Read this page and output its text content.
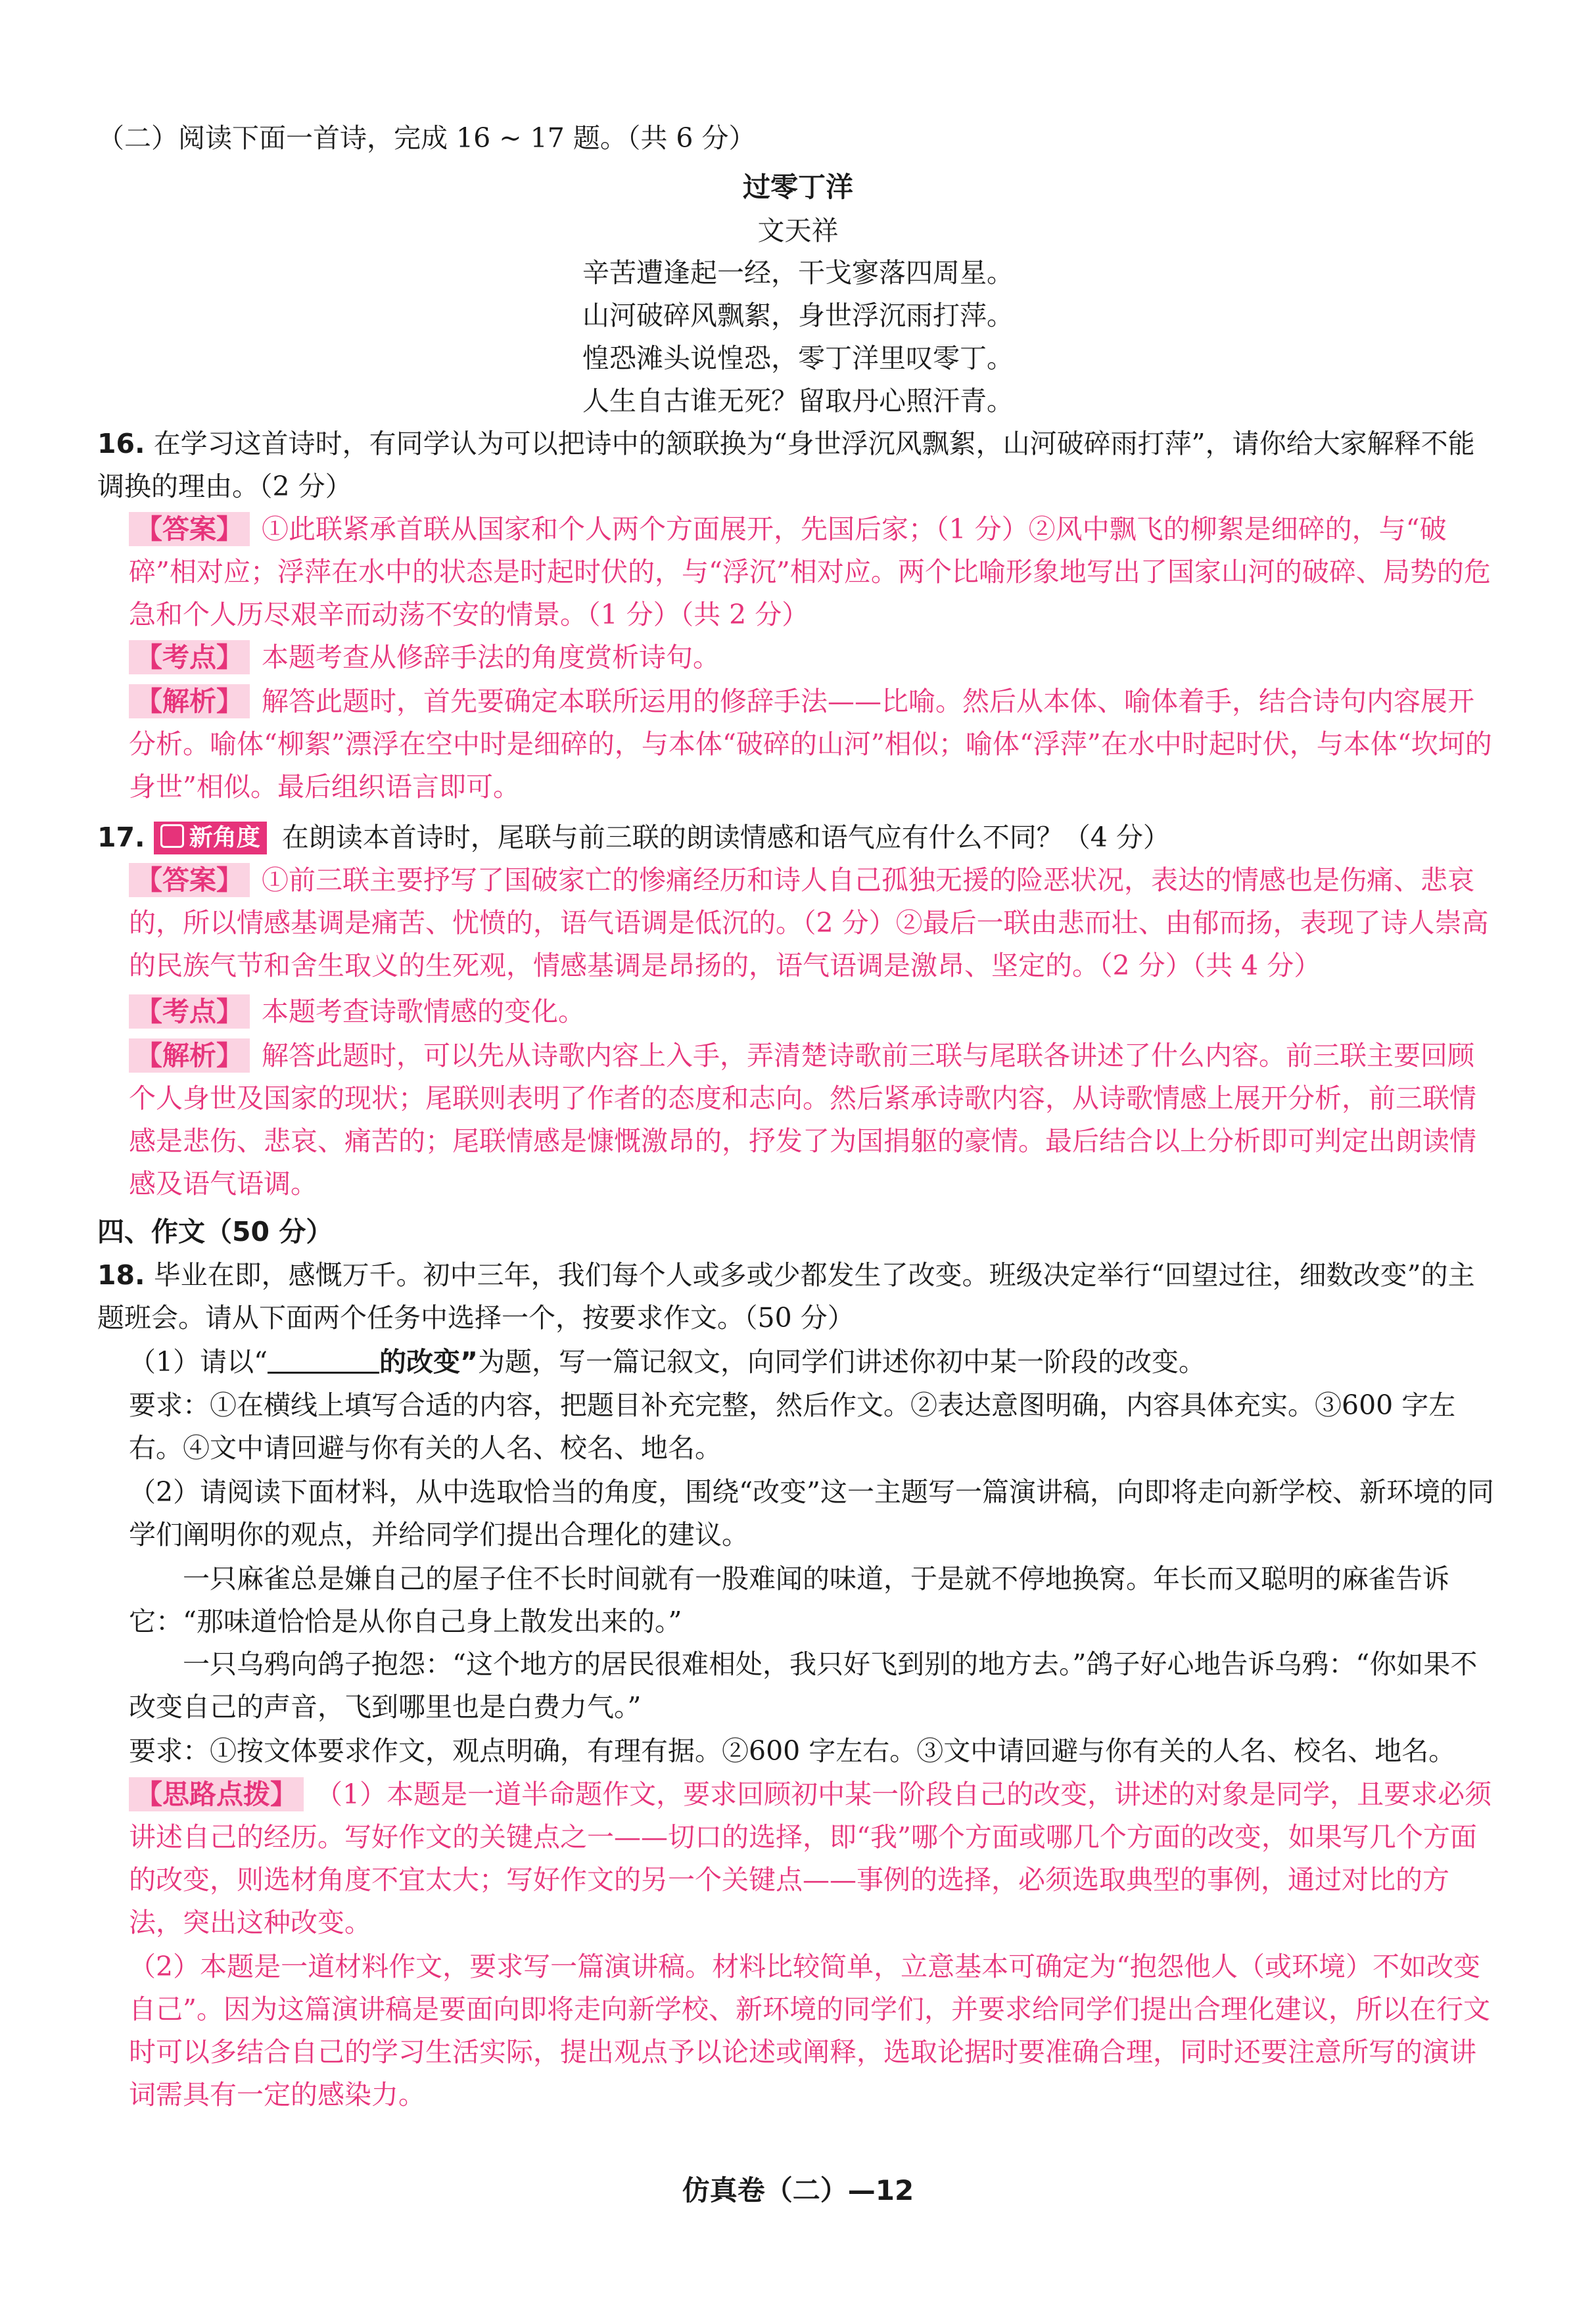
（二）阅读下面一首诗，完成 16 ~ 17 题。（共 6 分）
过零丁洋
文天祥
辛苦遭逢起一经，干戈寥落四周星。
山河破碎风飘絮，身世浮沉雨打萍。
惶恐滩头说惶恐，零丁洋里叹零丁。
人生自古谁无死？留取丹心照汗青。
16. 在学习这首诗时，有同学认为可以把诗中的颔联换为“身世浮沉风飘絮，山河破碎雨打萍”，请你给大家解释不能调换的理由。（2 分）
【答案】 ①此联紧承首联从国家和个人两个方面展开，先国后家；（1 分）②风中飘飞的柳絮是细碎的，与“破碎”相对应；浮萍在水中的状态是时起时伏的，与“浮沉”相对应。两个比喻形象地写出了国家山河的破碎、局势的危急和个人历尽艰辛而动荡不安的情景。（1 分）（共 2 分）
【考点】 本题考查从修辞手法的角度赏析诗句。
【解析】 解答此题时，首先要确定本联所运用的修辞手法——比喻。然后从本体、喻体着手，结合诗句内容展开分析。喻体“柳絮”漂浮在空中时是细碎的，与本体“破碎的山河”相似；喻体“浮萍”在水中时起时伏，与本体“坎坷的身世”相似。最后组织语言即可。
17. 新角度 在朗读本首诗时，尾联与前三联的朗读情感和语气应有什么不同？（4 分）
【答案】 ①前三联主要抒写了国破家亡的惨痛经历和诗人自己孤独无援的险恶状况，表达的情感也是伤痛、悲哀的，所以情感基调是痛苦、忧愤的，语气语调是低沉的。（2 分）②最后一联由悲而壮、由郁而扬，表现了诗人崇高的民族气节和舍生取义的生死观，情感基调是昂扬的，语气语调是激昂、坚定的。（2 分）（共 4 分）
【考点】 本题考查诗歌情感的变化。
【解析】 解答此题时，可以先从诗歌内容上入手，弄清楚诗歌前三联与尾联各讲述了什么内容。前三联主要回顾个人身世及国家的现状；尾联则表明了作者的态度和志向。然后紧承诗歌内容，从诗歌情感上展开分析，前三联情感是悲伤、悲哀、痛苦的；尾联情感是慷慨激昂的，抒发了为国捐躯的豪情。最后结合以上分析即可判定出朗读情感及语气语调。
四、作文（50 分）
18. 毕业在即，感慨万千。初中三年，我们每个人或多或少都发生了改变。班级决定举行“回望过往，细数改变”的主题班会。请从下面两个任务中选择一个，按要求作文。（50 分）
（1）请以“	的改变”为题，写一篇记叙文，向同学们讲述你初中某一阶段的改变。
要求：①在横线上填写合适的内容，把题目补充完整，然后作文。②表达意图明确，内容具体充实。③600 字左右。④文中请回避与你有关的人名、校名、地名。
（2）请阅读下面材料，从中选取恰当的角度，围绕“改变”这一主题写一篇演讲稿，向即将走向新学校、新环境的同学们阐明你的观点，并给同学们提出合理化的建议。
一只麻雀总是嫌自己的屋子住不长时间就有一股难闻的味道，于是就不停地换窝。年长而又聪明的麻雀告诉它：“那味道恰恰是从你自己身上散发出来的。”
一只乌鸦向鸽子抱怨：“这个地方的居民很难相处，我只好飞到别的地方去。”鸽子好心地告诉乌鸦：“你如果不改变自己的声音，飞到哪里也是白费力气。”
要求：①按文体要求作文，观点明确，有理有据。②600 字左右。③文中请回避与你有关的人名、校名、地名。
【思路点拨】 （1）本题是一道半命题作文，要求回顾初中某一阶段自己的改变，讲述的对象是同学，且要求必须讲述自己的经历。写好作文的关键点之一——切口的选择，即“我”哪个方面或哪几个方面的改变，如果写几个方面的改变，则选材角度不宜太大；写好作文的另一个关键点——事例的选择，必须选取典型的事例，通过对比的方法，突出这种改变。
（2）本题是一道材料作文，要求写一篇演讲稿。材料比较简单，立意基本可确定为“抱怨他人（或环境）不如改变自己”。因为这篇演讲稿是要面向即将走向新学校、新环境的同学们，并要求给同学们提出合理化建议，所以在行文时可以多结合自己的学习生活实际，提出观点予以论述或阐释，选取论据时要准确合理，同时还要注意所写的演讲词需具有一定的感染力。
仿真卷（二）—12
